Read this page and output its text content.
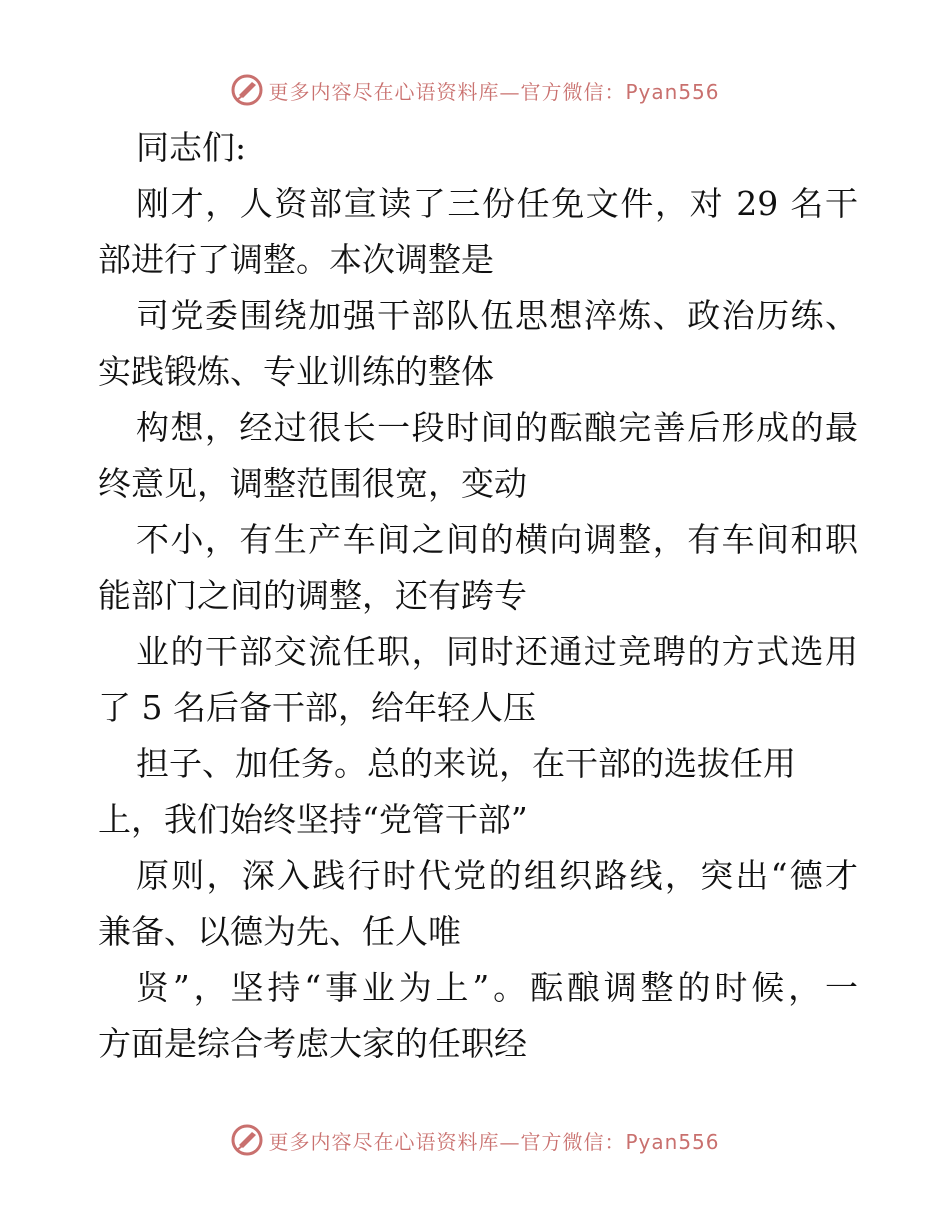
更多内容尽在心语资料库—官方微信：Pyan556
同志们:
刚才，人资部宣读了三份任免文件，对 29 名干
部进行了调整。本次调整是
司党委围绕加强干部队伍思想淬炼、政治历练、
实践锻炼、专业训练的整体
构想，经过很长一段时间的酝酿完善后形成的最
终意见，调整范围很宽，变动
不小，有生产车间之间的横向调整，有车间和职
能部门之间的调整，还有跨专
业的干部交流任职，同时还通过竞聘的方式选用
了 5 名后备干部，给年轻人压
担子、加任务。总的来说，在干部的选拔任用
上，我们始终坚持“党管干部”
原则，深入践行时代党的组织路线，突出“德才
兼备、以德为先、任人唯
贤”，坚持“事业为上”。酝酿调整的时候，一
方面是综合考虑大家的任职经
更多内容尽在心语资料库—官方微信：Pyan556
